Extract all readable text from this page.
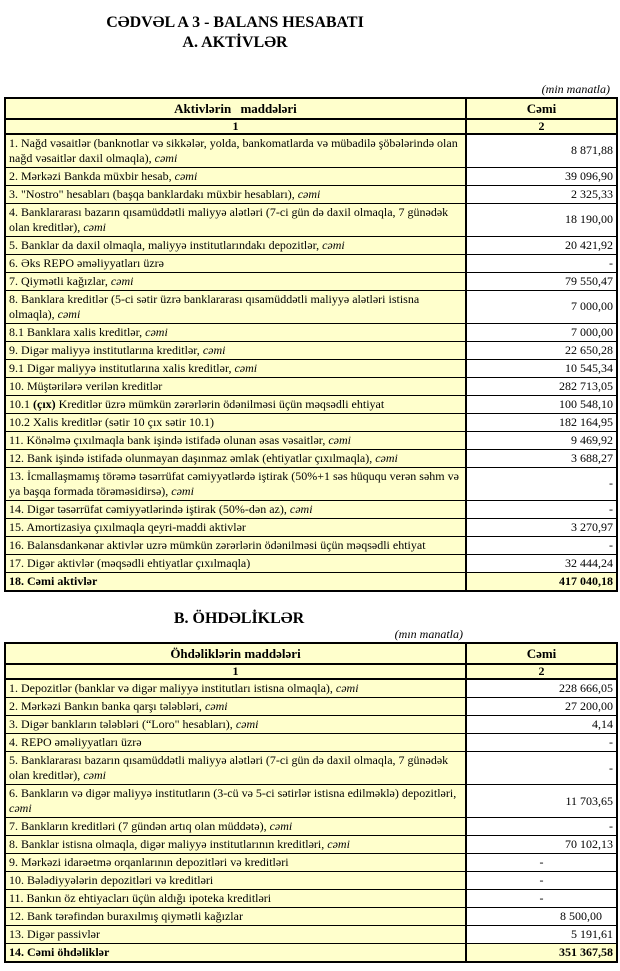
CƏDVƏL A 3 - BALANS HESABATI
A. AKTİVLƏR
(min manatla)
Aktivlərin maddələri	Cəmi
1	2
1. Nağd vəsaitlər (banknotlar və sikkələr, yolda, bankomatlarda və mübadilə şöbələrində olan nağd vəsaitlər daxil olmaqla), cəmi	8 871,88
2. Mərkəzi Bankda müxbir hesab, cəmi	39 096,90
3. "Nostro" hesabları (başqa banklardakı müxbir hesabları), cəmi	2 325,33
4. Banklararası bazarın qısamüddətli maliyyə alətləri (7-ci gün də daxil olmaqla, 7 günədək olan kreditlər), cəmi	18 190,00
5. Banklar da daxil olmaqla, maliyyə institutlarındakı depozitlər, cəmi	20 421,92
6. Əks REPO əməliyyatları üzrə	-
7. Qiymətli kağızlar, cəmi	79 550,47
8. Banklara kreditlər (5-ci sətir üzrə banklararası qısamüddətli maliyyə alətləri istisna olmaqla), cəmi	7 000,00
8.1 Banklara xalis kreditlər, cəmi	7 000,00
9. Digər maliyyə institutlarına kreditlər, cəmi	22 650,28
9.1 Digər maliyyə institutlarına xalis kreditlər, cəmi	10 545,34
10. Müştərilərə verilən kreditlər	282 713,05
10.1 (çıx) Kreditlər üzrə mümkün zərərlərin ödənilməsi üçün məqsədli ehtiyat	100 548,10
10.2 Xalis kreditlər (sətir 10 çıx sətir 10.1)	182 164,95
11. Könəlmə çıxılmaqla bank işində istifadə olunan əsas vəsaitlər, cəmi	9 469,92
12. Bank işində istifadə olunmayan daşınmaz əmlak (ehtiyatlar çıxılmaqla), cəmi	3 688,27
13. İcmallaşmamış törəmə təsərrüfat cəmiyyətlərdə iştirak (50%+1 səs hüququ verən səhm və ya başqa formada törəməsidirsə), cəmi	-
14. Digər təsərrüfat cəmiyyətlərində iştirak (50%-dən az), cəmi	-
15. Amortizasiya çıxılmaqla qeyri-maddi aktivlər	3 270,97
16. Balansdankənar aktivlər uzrə mümkün zərərlərin ödənilməsi üçün məqsədli ehtiyat	-
17. Digər aktivlər (məqsədli ehtiyatlar çıxılmaqla)	32 444,24
18. Cəmi aktivlər	417 040,18
B. ÖHDƏLİKLƏR
(mın manatla)
Öhdəliklərin maddələri	Cəmi
1	2
1. Depozitlər (banklar və digər maliyyə institutları istisna olmaqla), cəmi	228 666,05
2. Mərkəzi Bankın banka qarşı tələbləri, cəmi	27 200,00
3. Digər bankların tələbləri (“Loro" hesabları), cəmi	4,14
4. REPO əməliyyatları üzrə	-
5. Banklararası bazarın qısamüddətli maliyyə alətləri (7-ci gün də daxil olmaqla, 7 günədək olan kreditlər), cəmi	-
6. Bankların və digər maliyyə institutların (3-cü və 5-ci sətirlər istisna edilməklə) depozitləri, cəmi	11 703,65
7. Bankların kreditləri (7 gündən artıq olan müddətə), cəmi	-
8. Banklar istisna olmaqla, digər maliyyə institutlarının kreditləri, cəmi	70 102,13
9. Mərkəzi idarəetmə orqanlarının depozitləri və kreditləri	-
10. Bələdiyyələrin depozitləri və kreditləri	-
11. Bankın öz ehtiyacları üçün aldığı ipoteka kreditləri	-
12. Bank tərəfindən buraxılmış qiymətli kağızlar	8 500,00
13. Digər passivlər	5 191,61
14. Cəmi öhdəliklər	351 367,58
